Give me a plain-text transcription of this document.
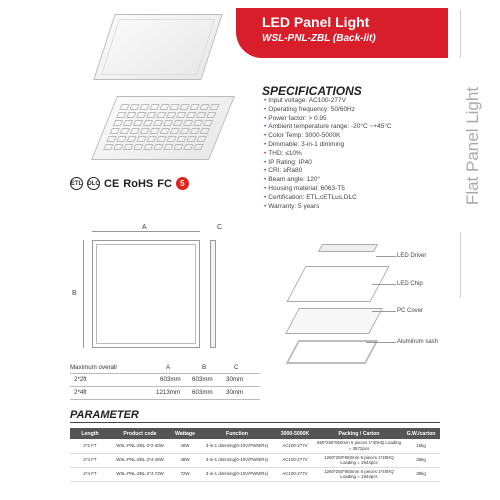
LED Panel Light
WSL-PNL-ZBL (Back-lit)
Flat Panel Light
ETL DLC CE RoHS FC	5
SPECIFICATIONS
• Input voltage: AC100-277V
• Operating frequency: 50/60Hz
• Power factor: > 0.95
• Ambient temperature range: -20°C ~+45°C
• Color Temp: 3000-5000K
• Dimmable: 3-in-1 dimming
• THD: ≤10%
• IP Rating: IP40
• CRI: ≥Ra80
• Beam angle: 120°
• Housing material: 6063-T5
• Certification: ETL,cETLus,DLC
• Warranty: 5 years
A
B
C
LED Driver
LED Chip
PC Cover
Aluminum sash
Maximum overall	A	B	C
2*2ft	603mm 603mm 30mm
2*4ft	1213mm 603mm 30mm
PARAMETER
Length	Product code	Wattage	Function	3000-5000K	Packing / Carton	G.W./carton
2*2 FT	WSL-PNL-ZBL-2*2-40W	40W	3-in-1 dimming(0-10V/PWM/Rx)	AC100-277V	650*250*650mm 6 pieces 1*40HQ Loading = 3672pcs	15kg
2*4 FT	WSL-PNL-ZBL-2*4-48W	48W	3-in-1 dimming(0-10V/PWM/Rx)	AC100-277V	1260*250*650mm 6 pieces 1*40HQ Loading = 1944pcs	36kg
2*4 FT	WSL-PNL-ZBL-2*4-72W	72W	3-in-1 dimming(0-10V/PWM/Rx)	AC100-277V	1260*250*650mm 6 pieces 1*40HQ Loading = 1944pcs	38kg
